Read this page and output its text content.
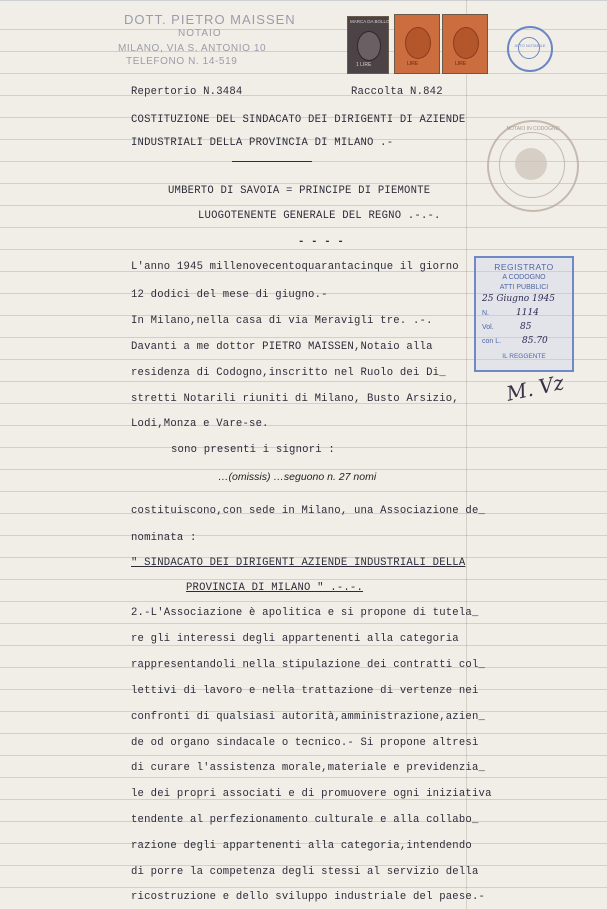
DOTT. PIETRO MAISSEN
NOTAIO
MILANO, VIA S. ANTONIO 10
TELEFONO N. 14-519
MARCA DA BOLLO
1 LIRE	LIRE	LIRE
ATTO NOTARILE
NOTAIO IN CODOGNO
REGISTRATO
A CODOGNO
ATTI PUBBLICI
25 Giugno 1945
N.	1114
Vol.	85
con L. 85.70
IL REGGENTE
M. Vz
Repertorio N.3484	Raccolta N.842
COSTITUZIONE DEL SINDACATO DEI DIRIGENTI DI AZIENDE
INDUSTRIALI DELLA PROVINCIA DI MILANO .-
UMBERTO DI SAVOIA = PRINCIPE DI PIEMONTE
LUOGOTENENTE GENERALE DEL REGNO .-.-.
- - - -
L'anno 1945 millenovecentoquarantacinque il giorno
12 dodici del mese di giugno.-
In Milano,nella casa di via Meravigli tre. .-.
Davanti a me dottor PIETRO MAISSEN,Notaio alla
residenza di Codogno,inscritto nel Ruolo dei Di_
stretti Notarili riuniti di Milano, Busto Arsizio,
Lodi,Monza e Vare-se.
sono presenti i signori :
…(omissis) …seguono n. 27 nomi
costituiscono,con sede in Milano, una Associazione de_
nominata :
" SINDACATO DEI DIRIGENTI AZIENDE INDUSTRIALI DELLA
PROVINCIA DI MILANO " .-.-.
2.-L'Associazione è apolitica e si propone di tutela_
re gli interessi degli appartenenti alla categoria
rappresentandoli nella stipulazione dei contratti col_
lettivi di lavoro e nella trattazione di vertenze nei
confronti di qualsiasi autorità,amministrazione,azien_
de od organo sindacale o tecnico.- Si propone altresì
di curare l'assistenza morale,materiale e previdenzia_
le dei propri associati e di promuovere ogni iniziativa
tendente al perfezionamento culturale e alla collabo_
razione degli appartenenti alla categoria,intendendo
di porre la competenza degli stessi al servizio della
ricostruzione e dello sviluppo industriale del paese.-
